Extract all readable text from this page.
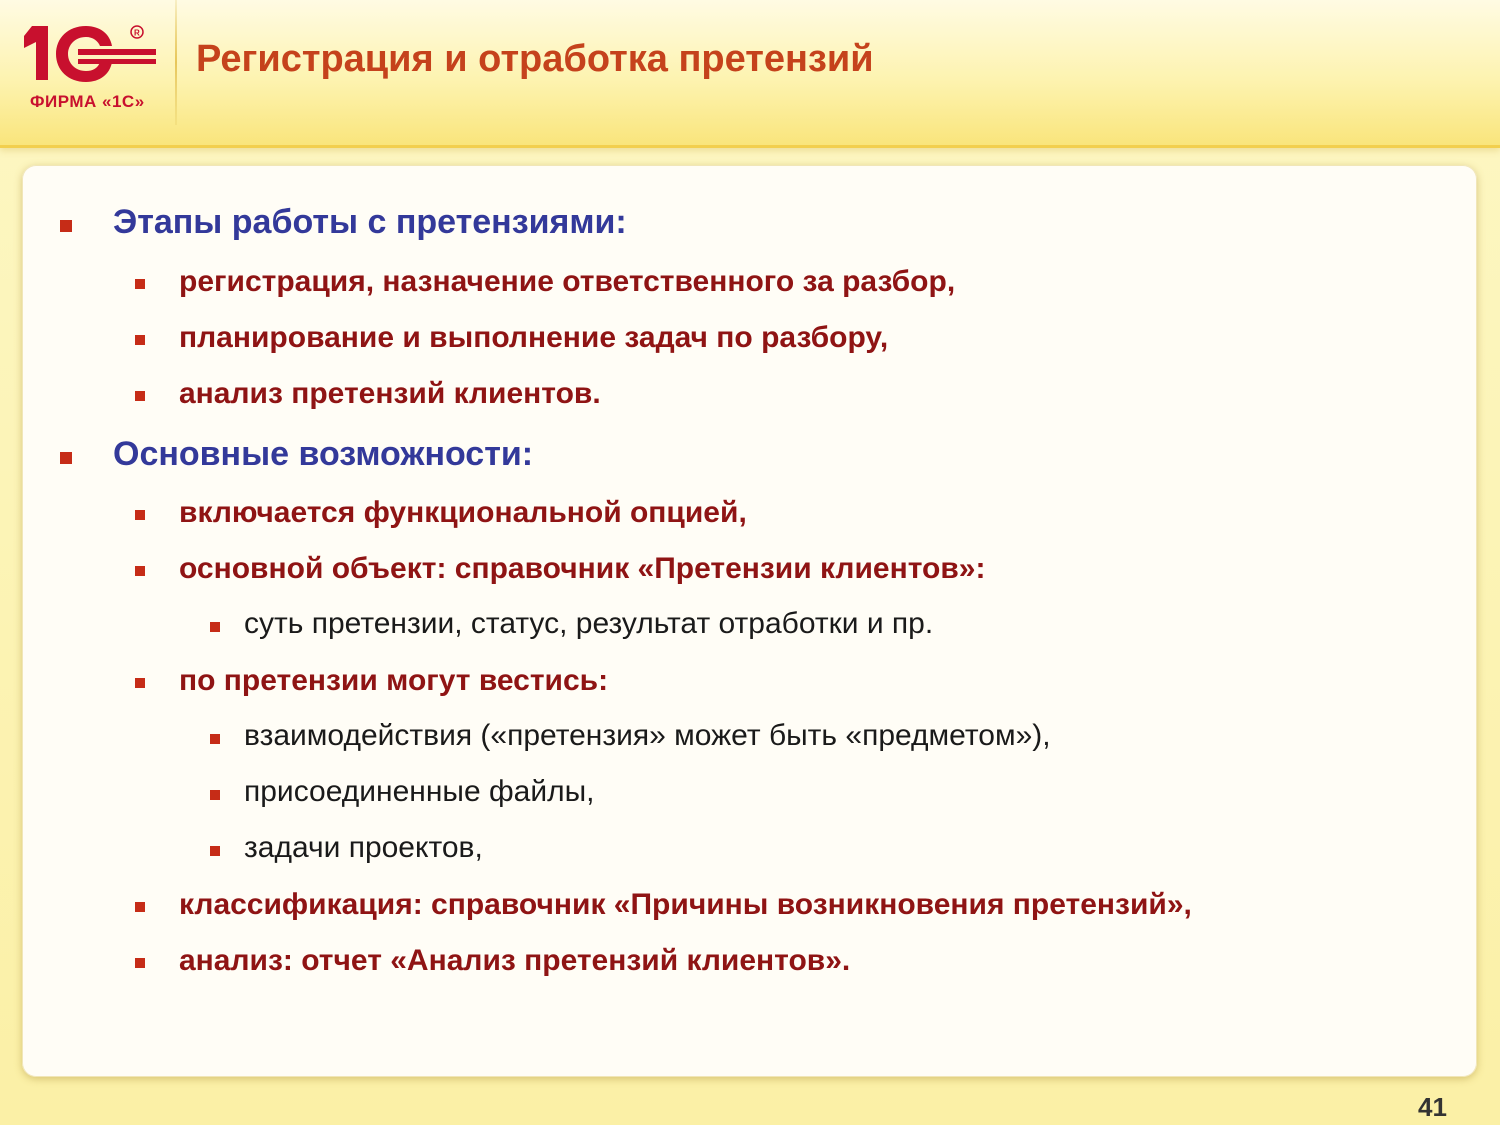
R
ФИРМА «1С»
Регистрация и отработка претензий
Этапы работы с претензиями:
регистрация, назначение ответственного за разбор,
планирование и выполнение задач по разбору,
анализ претензий клиентов.
Основные возможности:
включается функциональной опцией,
основной объект: справочник «Претензии клиентов»:
суть претензии, статус, результат отработки и пр.
по претензии могут вестись:
взаимодействия («претензия» может быть «предметом»),
присоединенные файлы,
задачи проектов,
классификация: справочник «Причины возникновения претензий»,
анализ: отчет «Анализ претензий клиентов».
41
